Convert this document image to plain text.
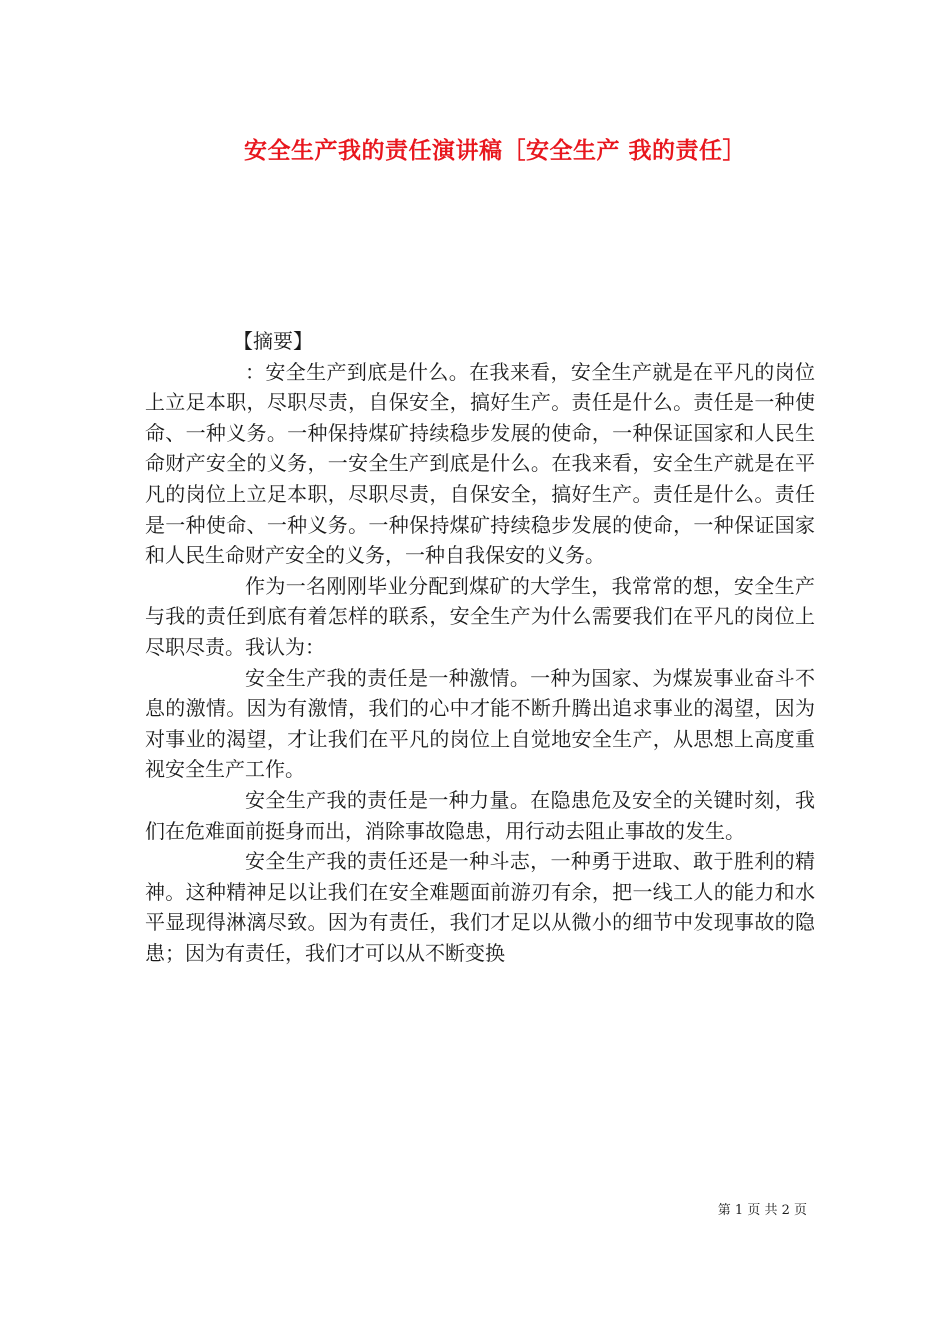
安全生产我的责任演讲稿［安全生产 我的责任］

【摘要】

：安全生产到底是什么。在我来看，安全生产就是在平凡的岗位上立足本职，尽职尽责，自保安全，搞好生产。责任是什么。责任是一种使命、一种义务。一种保持煤矿持续稳步发展的使命，一种保证国家和人民生命财产安全的义务，一安全生产到底是什么。在我来看，安全生产就是在平凡的岗位上立足本职，尽职尽责，自保安全，搞好生产。责任是什么。责任是一种使命、一种义务。一种保持煤矿持续稳步发展的使命，一种保证国家和人民生命财产安全的义务，一种自我保安的义务。

作为一名刚刚毕业分配到煤矿的大学生，我常常的想，安全生产与我的责任到底有着怎样的联系，安全生产为什么需要我们在平凡的岗位上尽职尽责。我认为：

安全生产我的责任是一种激情。一种为国家、为煤炭事业奋斗不息的激情。因为有激情，我们的心中才能不断升腾出追求事业的渴望，因为对事业的渴望，才让我们在平凡的岗位上自觉地安全生产，从思想上高度重视安全生产工作。

安全生产我的责任是一种力量。在隐患危及安全的关键时刻，我们在危难面前挺身而出，消除事故隐患，用行动去阻止事故的发生。

安全生产我的责任还是一种斗志，一种勇于进取、敢于胜利的精神。这种精神足以让我们在安全难题面前游刃有余，把一线工人的能力和水平显现得淋漓尽致。因为有责任，我们才足以从微小的细节中发现事故的隐患；因为有责任，我们才可以从不断变换

第 1 页 共 2 页
